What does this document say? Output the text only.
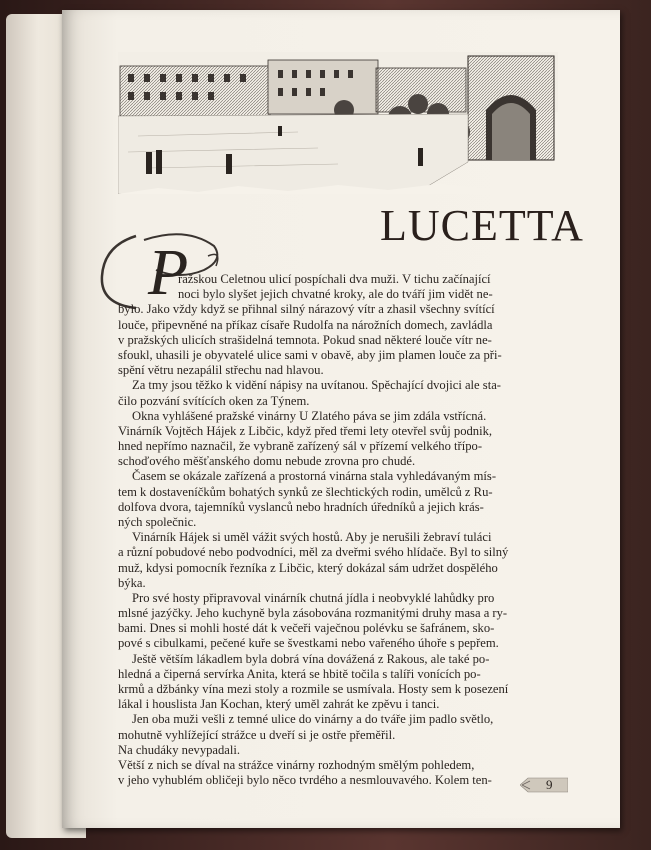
LUCETTA
P
ražskou Celetnou ulicí pospíchali dva muži. V tichu začínající
noci bylo slyšet jejich chvatné kroky, ale do tváří jim vidět ne-
bylo. Jako vždy když se přihnal silný nárazový vítr a zhasil všechny svítící
louče, připevněné na příkaz císaře Rudolfa na nárožních domech, zavládla
v pražských ulicích strašidelná temnota. Pokud snad některé louče vítr ne-
sfoukl, uhasili je obyvatelé ulice sami v obavě, aby jim plamen louče za při-
spění větru nezapálil střechu nad hlavou.
Za tmy jsou těžko k vidění nápisy na uvítanou. Spěchající dvojici ale sta-
čilo pozvání svítících oken za Týnem.
Okna vyhlášené pražské vinárny U Zlatého páva se jim zdála vstřícná.
Vinárník Vojtěch Hájek z Libčic, když před třemi lety otevřel svůj podnik,
hned nepřímo naznačil, že vybraně zařízený sál v přízemí velkého třípo-
schoďového měšťanského domu nebude zrovna pro chudé.
Časem se okázale zařízená a prostorná vinárna stala vyhledávaným mís-
tem k dostaveníčkům bohatých synků ze šlechtických rodin, umělců z Ru-
dolfova dvora, tajemníků vyslanců nebo hradních úředníků a jejich krás-
ných společnic.
Vinárník Hájek si uměl vážit svých hostů. Aby je nerušili žebraví tuláci
a různí pobudové nebo podvodníci, měl za dveřmi svého hlídače. Byl to silný
muž, kdysi pomocník řezníka z Libčic, který dokázal sám udržet dospělého
býka.
Pro své hosty připravoval vinárník chutná jídla i neobvyklé lahůdky pro
mlsné jazýčky. Jeho kuchyně byla zásobována rozmanitými druhy masa a ry-
bami. Dnes si mohli hosté dát k večeři vaječnou polévku se šafránem, sko-
pové s cibulkami, pečené kuře se švestkami nebo vařeného úhoře s pepřem.
Ještě větším lákadlem byla dobrá vína dovážená z Rakous, ale také po-
hledná a čiperná servírka Anita, která se hbitě točila s talíři vonících po-
krmů a džbánky vína mezi stoly a rozmile se usmívala. Hosty sem k posezení
lákal i houslista Jan Kochan, který uměl zahrát ke zpěvu i tanci.
Jen oba muži vešli z temné ulice do vinárny a do tváře jim padlo světlo,
mohutně vyhlížející strážce u dveří si je ostře přeměřil.
Na chudáky nevypadali.
Větší z nich se díval na strážce vinárny rozhodným smělým pohledem,
v jeho vyhublém obličeji bylo něco tvrdého a nesmlouvavého. Kolem ten-	9
